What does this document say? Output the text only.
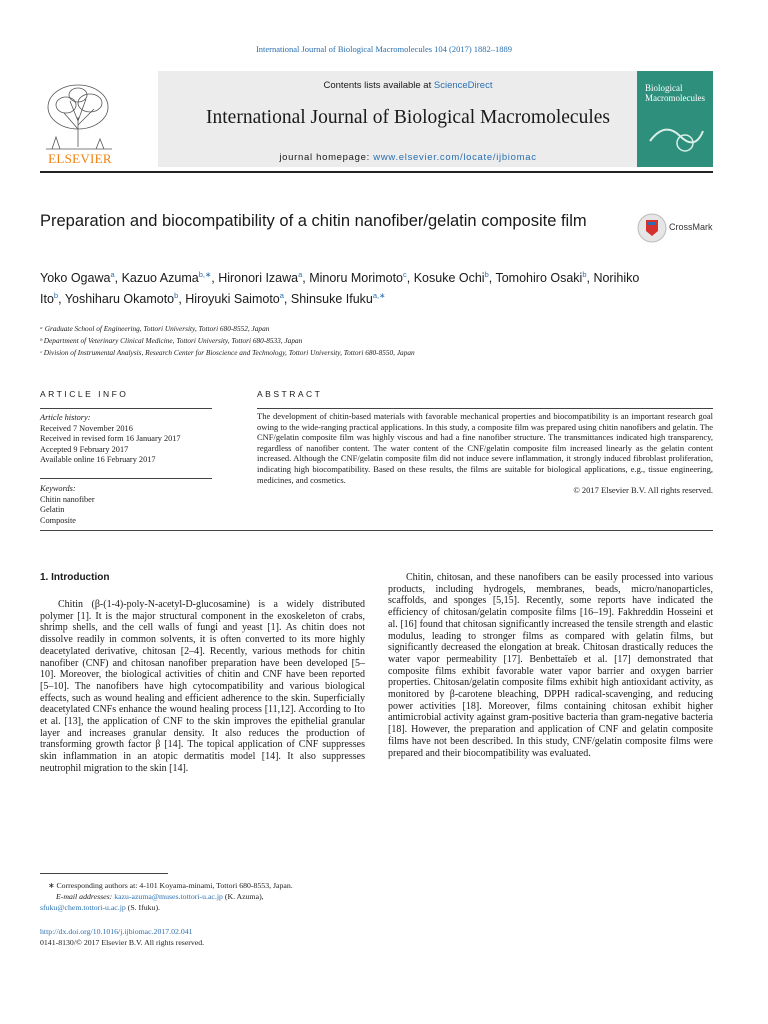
International Journal of Biological Macromolecules 104 (2017) 1882–1889
ELSEVIER
Contents lists available at ScienceDirect
International Journal of Biological Macromolecules
journal homepage: www.elsevier.com/locate/ijbiomac
Biological
Macromolecules
Preparation and biocompatibility of a chitin nanofiber/gelatin composite film	CrossMark
Yoko Ogawa$^a$, Kazuo Azuma$^{b,∗}$, Hironori Izawa$^a$, Minoru Morimoto$^c$, Kosuke Ochi$^b$, Tomohiro Osaki$^b$, Norihiko Ito$^b$, Yoshiharu Okamoto$^b$, Hiroyuki Saimoto$^a$, Shinsuke Ifuku$^{a,∗}$
ᵃ Graduate School of Engineering, Tottori University, Tottori 680-8552, Japan
ᵇ Department of Veterinary Clinical Medicine, Tottori University, Tottori 680-8533, Japan
ᶜ Division of Instrumental Analysis, Research Center for Bioscience and Technology, Tottori University, Tottori 680-8550, Japan
ARTICLE INFO	ABSTRACT
Article history:
Received 7 November 2016
Received in revised form 16 January 2017
Accepted 9 February 2017
Available online 16 February 2017
Keywords:
Chitin nanofiber
Gelatin
Composite
The development of chitin-based materials with favorable mechanical properties and biocompatibility is an important research goal owing to the wide-ranging practical applications. In this study, a composite film was prepared using chitin nanofibers and gelatin. The CNF/gelatin composite film was highly viscous and had a fine nanofiber structure. The transmittances indicated high transparency, regardless of nanofiber content. The water content of the CNF/gelatin composite film increased linearly as the gelatin content increased. Although the CNF/gelatin composite film did not induce severe inflammation, it strongly induced fibroblast proliferation, indicating high biocompatibility. Based on these results, the films are suitable for biological applications, e.g., tissue engineering, medicines, and cosmetics.
© 2017 Elsevier B.V. All rights reserved.
1. Introduction

Chitin (β-(1-4)-poly-N-acetyl-D-glucosamine) is a widely distributed polymer [1]. It is the major structural component in the exoskeleton of crabs, shrimp shells, and the cell walls of fungi and yeast [1]. As chitin does not dissolve readily in common solvents, it is often converted to its more highly deacetylated derivative, chitosan [2–4]. Recently, various methods for chitin nanofiber (CNF) and chitosan nanofiber preparation have been developed [5–10]. Moreover, the biological activities of chitin and CNF have been reported [5–10]. The nanofibers have high cytocompatibility and various biological effects, such as wound healing and efficient adherence to the skin. Superficially deacetylated CNFs enhance the wound healing process [11,12]. According to Ito et al. [13], the application of CNF to the skin improves the epithelial granular layer and increases granular density. It also reduces the production of transforming growth factor β [14]. The topical application of CNF suppresses skin inflammation in an atopic dermatitis model [14]. It also suppresses neutrophil migration to the skin [14].

Chitin, chitosan, and these nanofibers can be easily processed into various products, including hydrogels, membranes, beads, micro/nanoparticles, scaffolds, and sponges [5,15]. Recently, some reports have indicated the efficiency of chitosan/gelatin composite films [16–19]. Fakhreddin Hosseini et al. [16] found that chitosan significantly increased the tensile strength and elastic modulus, leading to stronger films as compared with gelatin films, but significantly decreased the elongation at break. Chitosan drastically reduces the water vapor permeability [17]. Benbettaïeb et al. [17] demonstrated that composite films exhibit favorable water vapor barrier and oxygen barrier properties. Chitosan/gelatin composite films exhibit high antioxidant activity, as monitored by β-carotene bleaching, DPPH radical-scavenging, and reducing power activities [18]. Moreover, films containing chitosan exhibit higher antimicrobial activity against gram-positive bacteria than gram-negative bacteria [18]. However, the preparation and application of CNF and gelatin composite films have not been described. In this study, CNF/gelatin composite films were prepared and their biocompatibility was evaluated.

∗ Corresponding authors at: 4-101 Koyama-minami, Tottori 680-8553, Japan.
E-mail addresses: kazu-azuma@muses.tottori-u.ac.jp (K. Azuma),
sfuku@chem.tottori-u.ac.jp (S. Ifuku).
http://dx.doi.org/10.1016/j.ijbiomac.2017.02.041
0141-8130/© 2017 Elsevier B.V. All rights reserved.
